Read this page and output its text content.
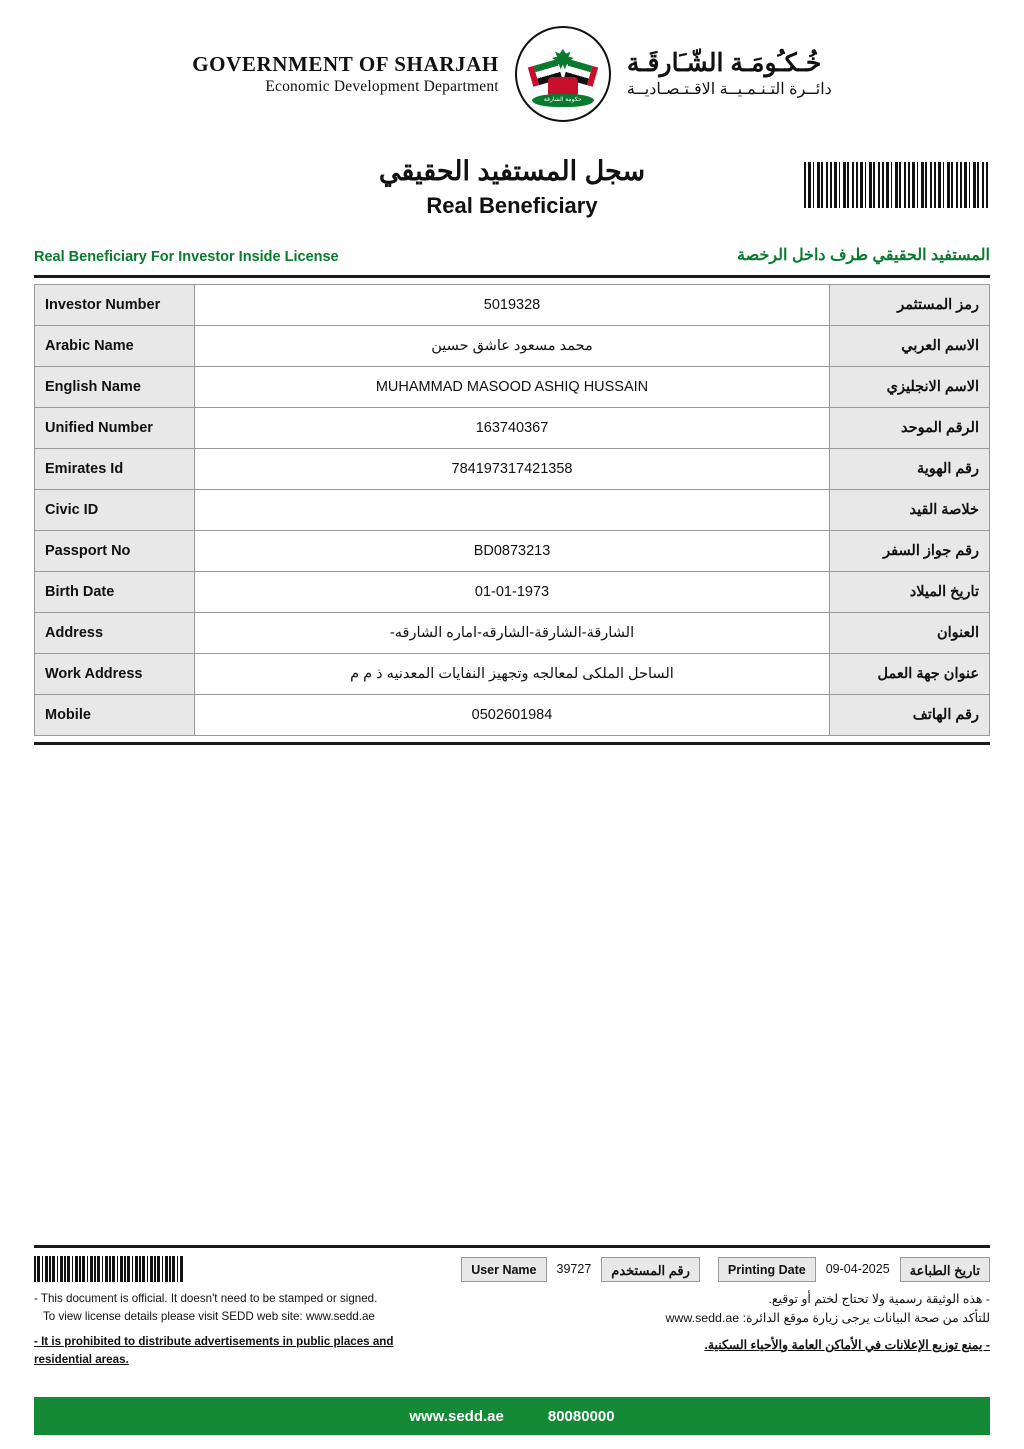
GOVERNMENT OF SHARJAH
Economic Development Department
حكومة الشارقة
خُـكـُومَـة الشّـَارقَـة
دائــرة التـنـمـيــة الاقـتـصـاديــة
سجل المستفيد الحقيقي
Real Beneficiary
Real Beneficiary For Investor Inside License	المستفيد الحقيقي طرف داخل الرخصة
Investor Number	5019328	رمز المستثمر
Arabic Name	محمد مسعود عاشق حسين	الاسم العربي
English Name	MUHAMMAD MASOOD ASHIQ HUSSAIN	الاسم الانجليزي
Unified Number	163740367	الرقم الموحد
Emirates Id	784197317421358	رقم الهوية
Civic ID		خلاصة القيد
Passport No	BD0873213	رقم جواز السفر
Birth Date	01-01-1973	تاريخ الميلاد
Address	الشارقة-الشارقة-الشارقه-اماره الشارقه-	العنوان
Work Address	الساحل الملكى لمعالجه وتجهيز النفايات المعدنيه ذ م م	عنوان جهة العمل
Mobile	0502601984	رقم الهاتف
User Name	39727	رقم المستخدم	Printing Date	09-04-2025	تاريخ الطباعة
- This document is official. It doesn't need to be stamped or signed.
To view license details please visit SEDD web site: www.sedd.ae
- It is prohibited to distribute advertisements in public places and residential areas.
- هذه الوثيقة رسمية ولا تحتاج لختم أو توقيع.
للتأكد من صحة البيانات يرجى زيارة موقع الدائرة: www.sedd.ae
- يمنع توزيع الإعلانات في الأماكن العامة والأحياء السكنية.
www.sedd.ae	80080000
